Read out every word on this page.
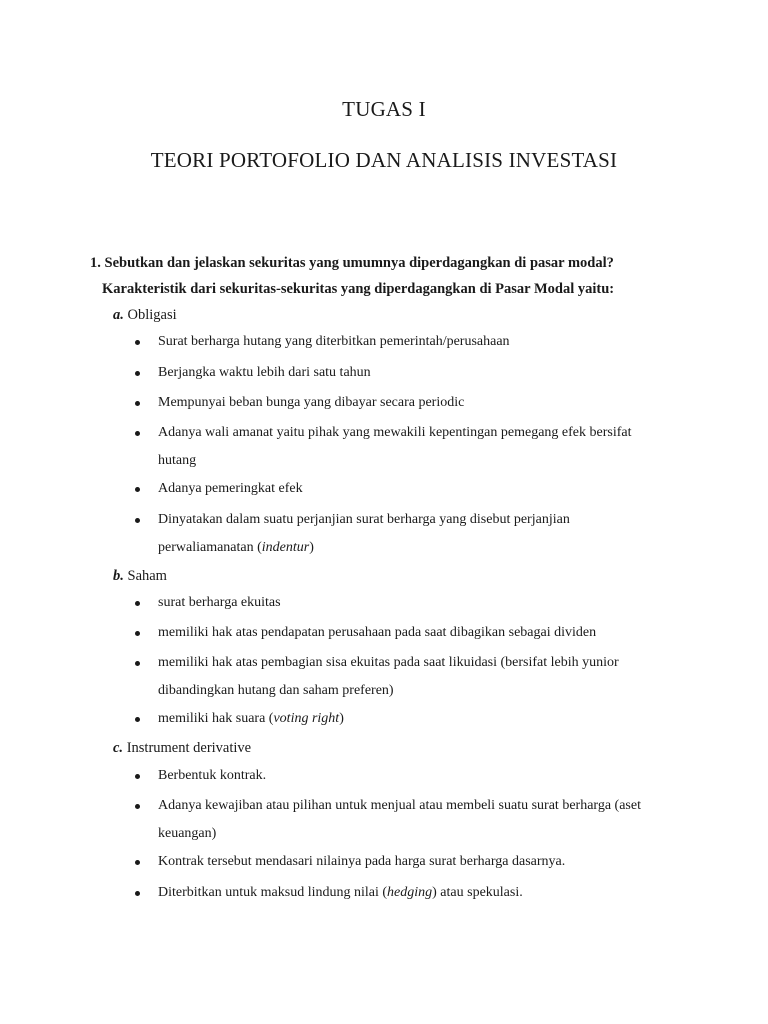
TUGAS I
TEORI PORTOFOLIO DAN ANALISIS INVESTASI
1. Sebutkan dan jelaskan sekuritas yang umumnya diperdagangkan di pasar modal?
Karakteristik dari sekuritas-sekuritas yang diperdagangkan di Pasar Modal yaitu:
a. Obligasi
Surat berharga hutang yang diterbitkan pemerintah/perusahaan
Berjangka waktu lebih dari satu tahun
Mempunyai beban bunga yang dibayar secara periodic
Adanya wali amanat yaitu pihak yang mewakili kepentingan pemegang efek bersifat
hutang
Adanya pemeringkat efek
Dinyatakan dalam suatu perjanjian surat berharga yang disebut perjanjian
perwaliamanatan (indentur)
b. Saham
surat berharga ekuitas
memiliki hak atas pendapatan perusahaan pada saat dibagikan sebagai dividen
memiliki hak atas pembagian sisa ekuitas pada saat likuidasi (bersifat lebih yunior
dibandingkan hutang dan saham preferen)
memiliki hak suara (voting right)
c. Instrument derivative
Berbentuk kontrak.
Adanya kewajiban atau pilihan untuk menjual atau membeli suatu surat berharga (aset
keuangan)
Kontrak tersebut mendasari nilainya pada harga surat berharga dasarnya.
Diterbitkan untuk maksud lindung nilai (hedging) atau spekulasi.
